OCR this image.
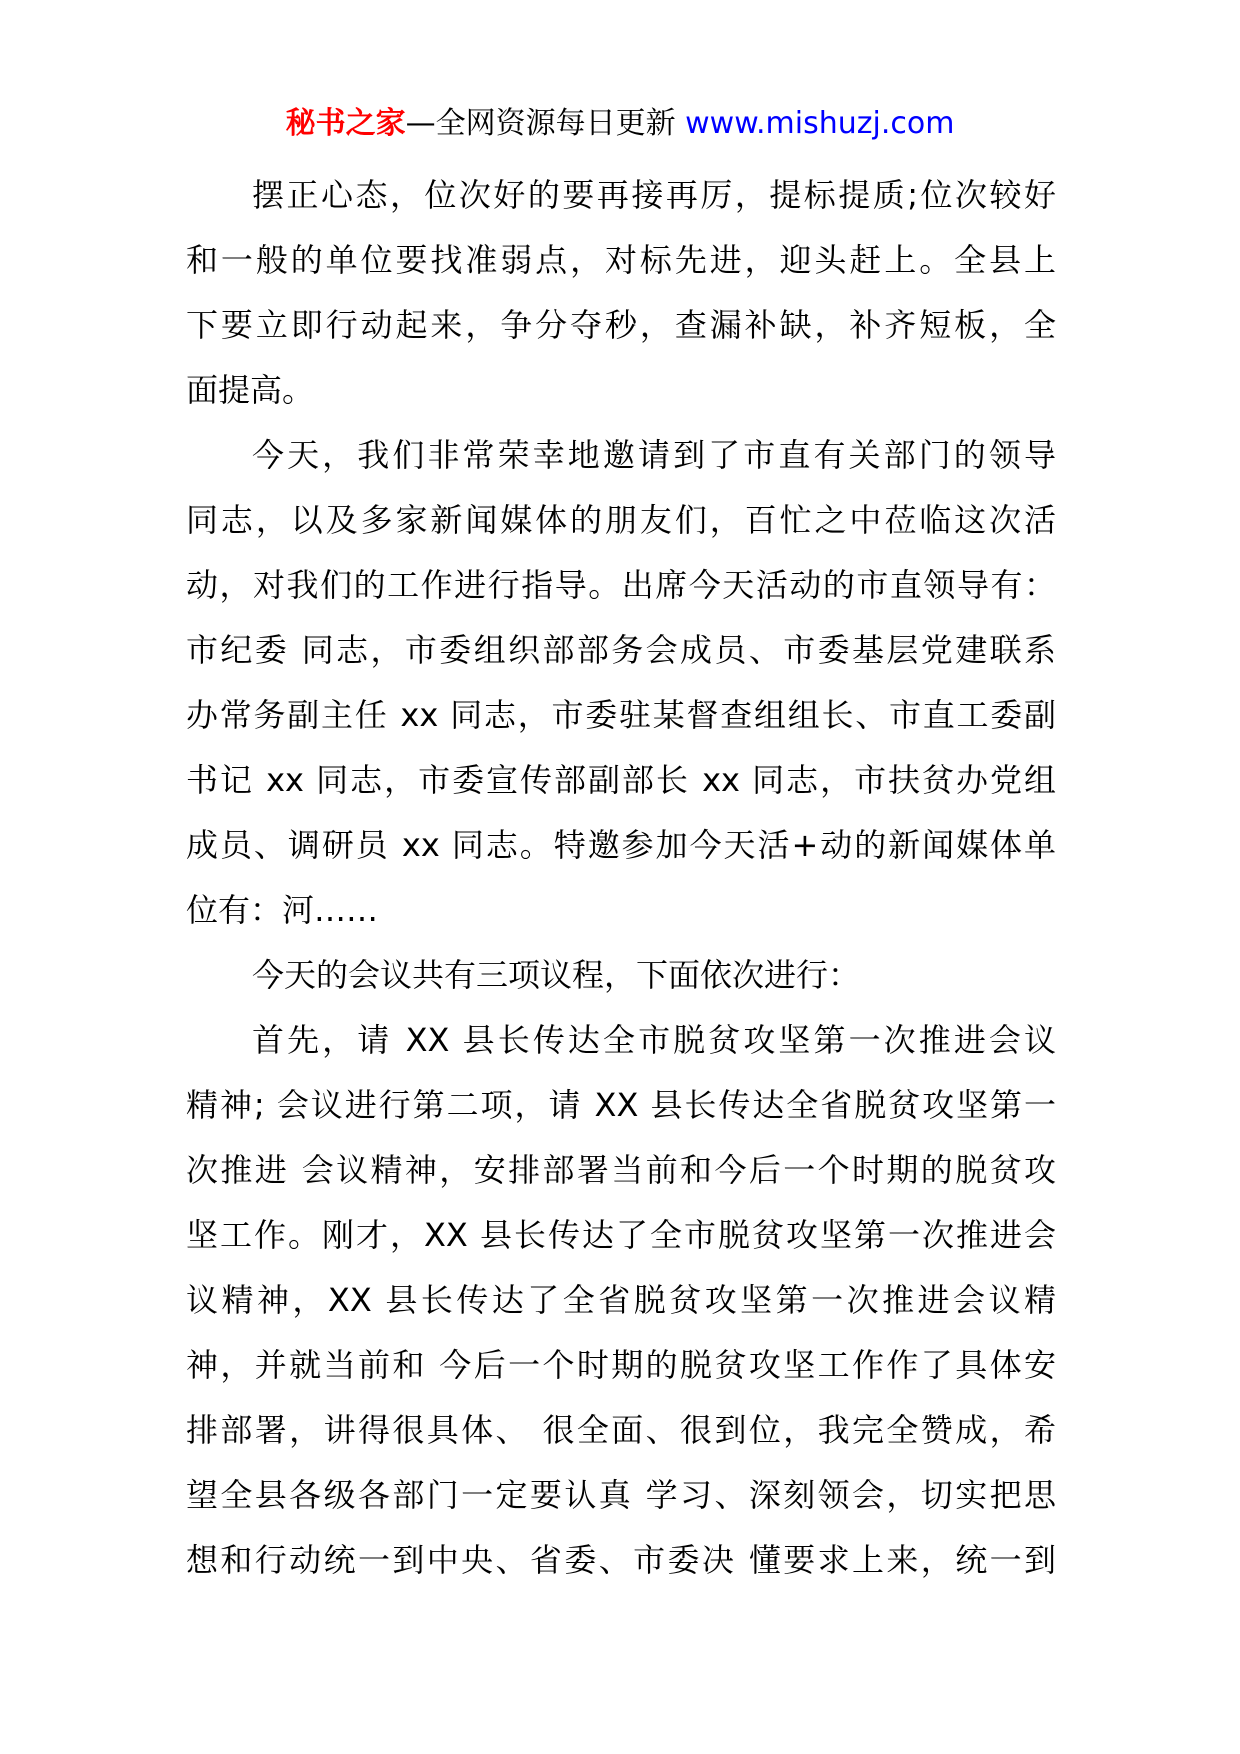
秘书之家—全网资源每日更新 www.mishuzj.com
摆正心态，位次好的要再接再厉，提标提质;位次较好
和一般的单位要找准弱点，对标先进，迎头赶上。全县上
下要立即行动起来，争分夺秒，查漏补缺，补齐短板，全
面提高。
今天，我们非常荣幸地邀请到了市直有关部门的领导
同志，以及多家新闻媒体的朋友们，百忙之中莅临这次活
动，对我们的工作进行指导。出席今天活动的市直领导有：
市纪委 同志，市委组织部部务会成员、市委基层党建联系
办常务副主任 xx 同志，市委驻某督查组组长、市直工委副
书记 xx 同志，市委宣传部副部长 xx 同志，市扶贫办党组
成员、调研员 xx 同志。特邀参加今天活+动的新闻媒体单
位有：河……
今天的会议共有三项议程，下面依次进行：
首先，请 XX 县长传达全市脱贫攻坚第一次推进会议
精神; 会议进行第二项，请 XX 县长传达全省脱贫攻坚第一
次推进 会议精神，安排部署当前和今后一个时期的脱贫攻
坚工作。刚才，XX 县长传达了全市脱贫攻坚第一次推进会
议精神，XX 县长传达了全省脱贫攻坚第一次推进会议精
神，并就当前和 今后一个时期的脱贫攻坚工作作了具体安
排部署，讲得很具体、 很全面、很到位，我完全赞成，希
望全县各级各部门一定要认真 学习、深刻领会，切实把思
想和行动统一到中央、省委、市委决 懂要求上来，统一到
